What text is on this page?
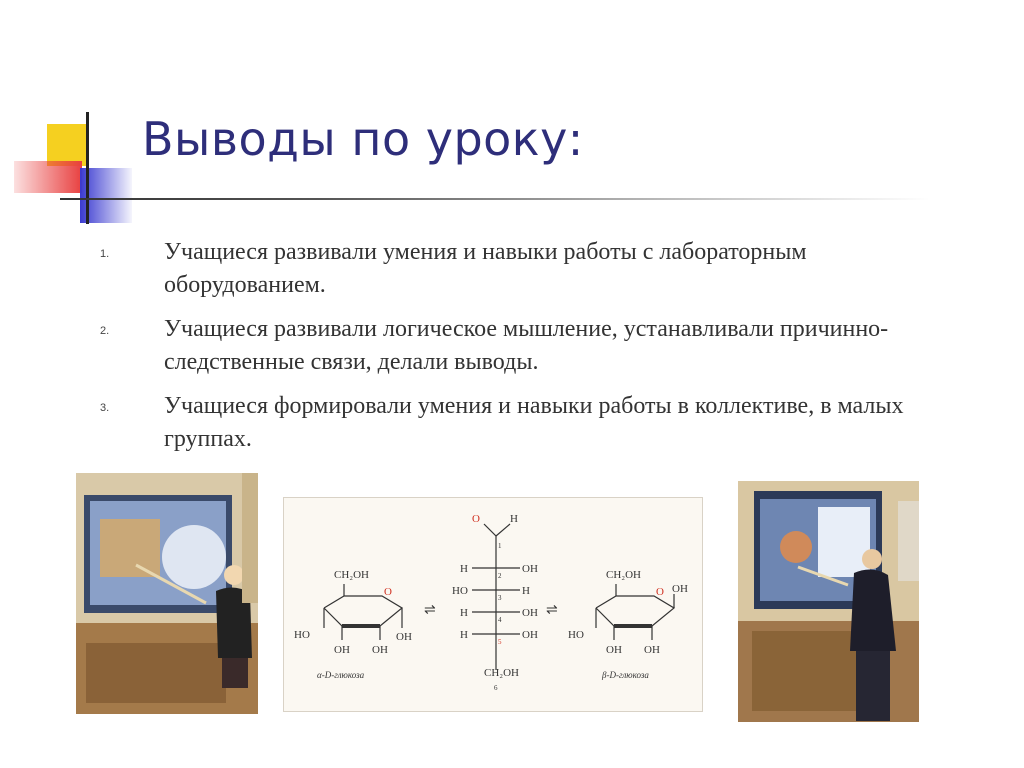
Выводы по уроку:
1. Учащиеся развивали умения и навыки работы с лабораторным оборудованием.
2. Учащиеся развивали логическое мышление, устанавливали причинно-следственные связи, делали выводы.
3. Учащиеся формировали умения и навыки работы в коллективе, в малых группах.
CH₂OH
O
OH
HO
OH OH
α-D-глюкоза
⇌
O	H
H	OH
HO	H
H	OH
H	OH
CH₂OH
1
2
3
4
5
6
⇌
CH₂OH
O OH
HO
OH OH
β-D-глюкоза
